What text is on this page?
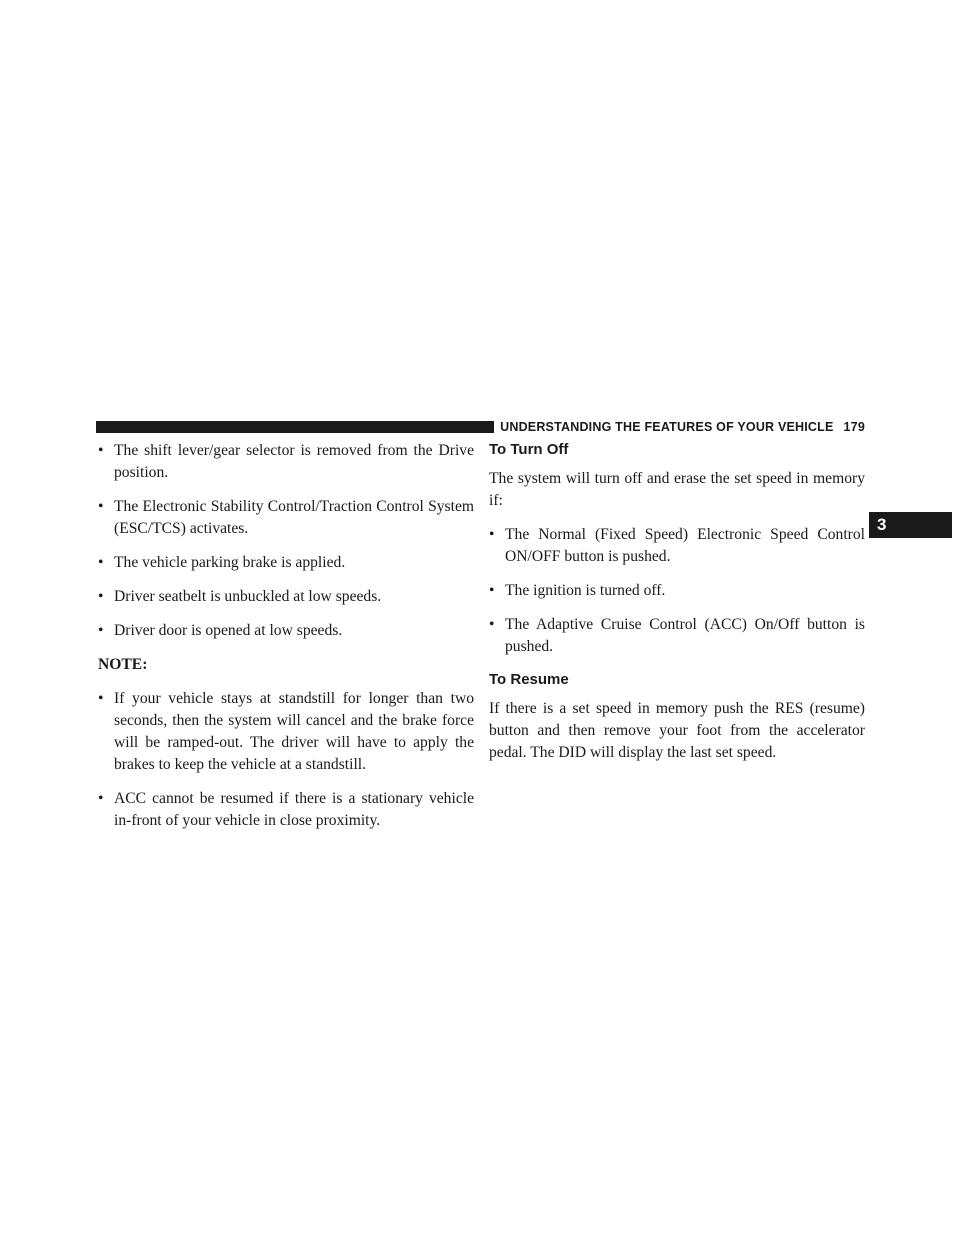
UNDERSTANDING THE FEATURES OF YOUR VEHICLE 179
3
• The shift lever/gear selector is removed from the Drive position.
• The Electronic Stability Control/Traction Control System (ESC/TCS) activates.
• The vehicle parking brake is applied.
• Driver seatbelt is unbuckled at low speeds.
• Driver door is opened at low speeds.

NOTE:

• If your vehicle stays at standstill for longer than two seconds, then the system will cancel and the brake force will be ramped-out. The driver will have to apply the brakes to keep the vehicle at a standstill.
• ACC cannot be resumed if there is a stationary vehicle in-front of your vehicle in close proximity.
To Turn Off

The system will turn off and erase the set speed in memory if:

• The Normal (Fixed Speed) Electronic Speed Control ON/OFF button is pushed.
• The ignition is turned off.
• The Adaptive Cruise Control (ACC) On/Off button is pushed.
To Resume

If there is a set speed in memory push the RES (resume) button and then remove your foot from the accelerator pedal. The DID will display the last set speed.
